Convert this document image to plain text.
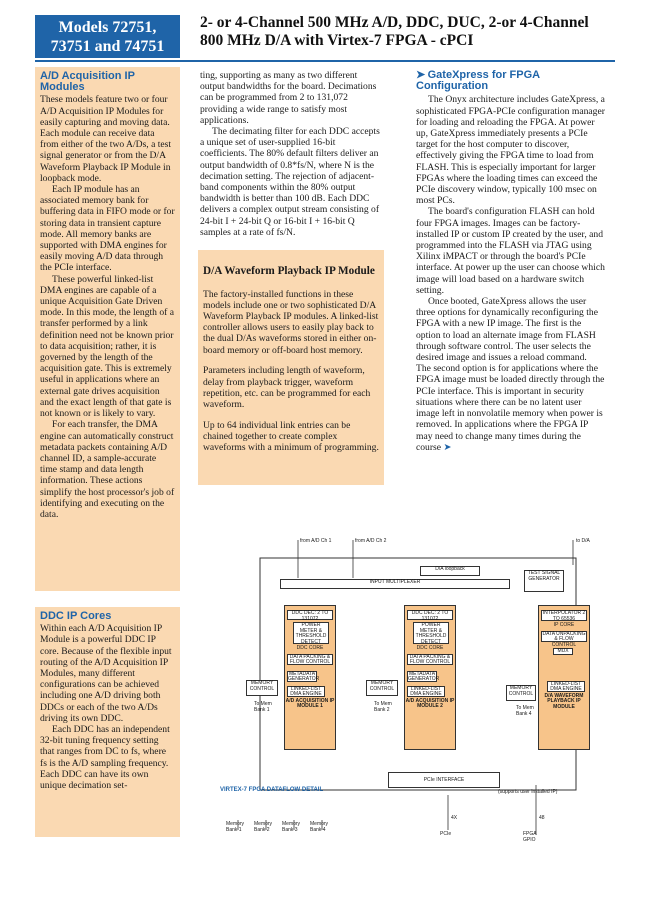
Models 72751,
73751 and 74751
2- or 4-Channel 500 MHz A/D, DDC, DUC, 2-or 4-Channel
800 MHz D/A with Virtex-7 FPGA - cPCI
A/D Acquisition IP Modules

These models feature two or four A/D Acquisition IP Modules for easily capturing and moving data. Each module can receive data from either of the two A/Ds, a test signal generator or from the D/A Waveform Playback IP Module in loopback mode.

Each IP module has an associated memory bank for buffering data in FIFO mode or for storing data in transient capture mode. All memory banks are supported with DMA engines for easily moving A/D data through the PCIe interface.

These powerful linked-list DMA engines are capable of a unique Acquisition Gate Driven mode. In this mode, the length of a transfer performed by a link definition need not be known prior to data acquisition; rather, it is governed by the length of the acquisition gate. This is extremely useful in applications where an external gate drives acquisition and the exact length of that gate is not known or is likely to vary.

For each transfer, the DMA engine can automatically construct metadata packets containing A/D channel ID, a sample-accurate time stamp and data length information. These actions simplify the host processor's job of identifying and executing on the data.

DDC IP Cores

Within each A/D Acquisition IP Module is a powerful DDC IP core. Because of the flexible input routing of the A/D Acquisition IP Modules, many different configurations can be achieved including one A/D driving both DDCs or each of the two A/Ds driving its own DDC.

Each DDC has an independent 32-bit tuning frequency setting that ranges from DC to fs, where fs is the A/D sampling frequency. Each DDC can have its own unique decimation set-

ting, supporting as many as two different output bandwidths for the board. Decimations can be programmed from 2 to 131,072 providing a wide range to satisfy most applications.

The decimating filter for each DDC accepts a unique set of user-supplied 16-bit coefficients. The 80% default filters deliver an output bandwidth of 0.8*fs/N, where N is the decimation setting. The rejection of adjacent-band components within the 80% output bandwidth is better than 100 dB. Each DDC delivers a complex output stream consisting of 24-bit I + 24-bit Q or 16-bit I + 16-bit Q samples at a rate of fs/N.

D/A Waveform Playback IP Module

The factory-installed functions in these models include one or two sophisticated D/A Waveform Playback IP modules. A linked-list controller allows users to easily play back to the dual D/As waveforms stored in either on-board memory or off-board host memory.

Parameters including length of waveform, delay from playback trigger, waveform repetition, etc. can be programmed for each waveform.

Up to 64 individual link entries can be chained together to create complex waveforms with a minimum of programming.

➤ GateXpress for FPGA Configuration

The Onyx architecture includes GateXpress, a sophisticated FPGA-PCIe configuration manager for loading and reloading the FPGA. At power up, GateXpress immediately presents a PCIe target for the host computer to discover, effectively giving the FPGA time to load from FLASH. This is especially important for larger FPGAs where the loading times can exceed the PCIe discovery window, typically 100 msec on most PCs.

The board's configuration FLASH can hold four FPGA images. Images can be factory-installed IP or custom IP created by the user, and programmed into the FLASH via JTAG using Xilinx iMPACT or through the board's PCIe interface. At power up the user can choose which image will load based on a hardware switch setting.

Once booted, GateXpress allows the user three options for dynamically reconfiguring the FPGA with a new IP image. The first is the option to load an alternate image from FLASH through software control. The user selects the desired image and issues a reload command.

The second option is for applications where the FPGA image must be loaded directly through the PCIe interface. This is important in security situations where there can be no latent user image left in nonvolatile memory when power is removed. In applications where the FPGA IP may need to change many times during the course ➤
from A/D Ch 1	from A/D Ch 2	to D/A
D/A loopback
INPUT MULTIPLEXER
TEST SIGNAL GENERATOR
DDC DEC: 2 TO 131072
POWER METER & THRESHOLD DETECT
DDC CORE
DATA PACKING & FLOW CONTROL
METADATA GENERATOR
LINKED-LIST DMA ENGINE
A/D ACQUISITION IP MODULE 1
MEMORY CONTROL
To Mem Bank 1
DDC DEC: 2 TO 131072
POWER METER & THRESHOLD DETECT
DDC CORE
DATA PACKING & FLOW CONTROL
METADATA GENERATOR
LINKED-LIST DMA ENGINE
A/D ACQUISITION IP MODULE 2
MEMORY CONTROL
To Mem Bank 2
INTERPOLATOR 2 TO 65536
IP CORE
DATA UNPACKING & FLOW CONTROL
MUX
LINKED-LIST DMA ENGINE
D/A WAVEFORM PLAYBACK IP MODULE
MEMORY CONTROL
To Mem Bank 4
PCIe INTERFACE
VIRTEX-7 FPGA DATAFLOW DETAIL	(supports user installed IP)
4X	48
PCIe	FPGA GPIO
Memory Bank 1
Memory Bank 2
Memory Bank 3
Memory Bank 4
